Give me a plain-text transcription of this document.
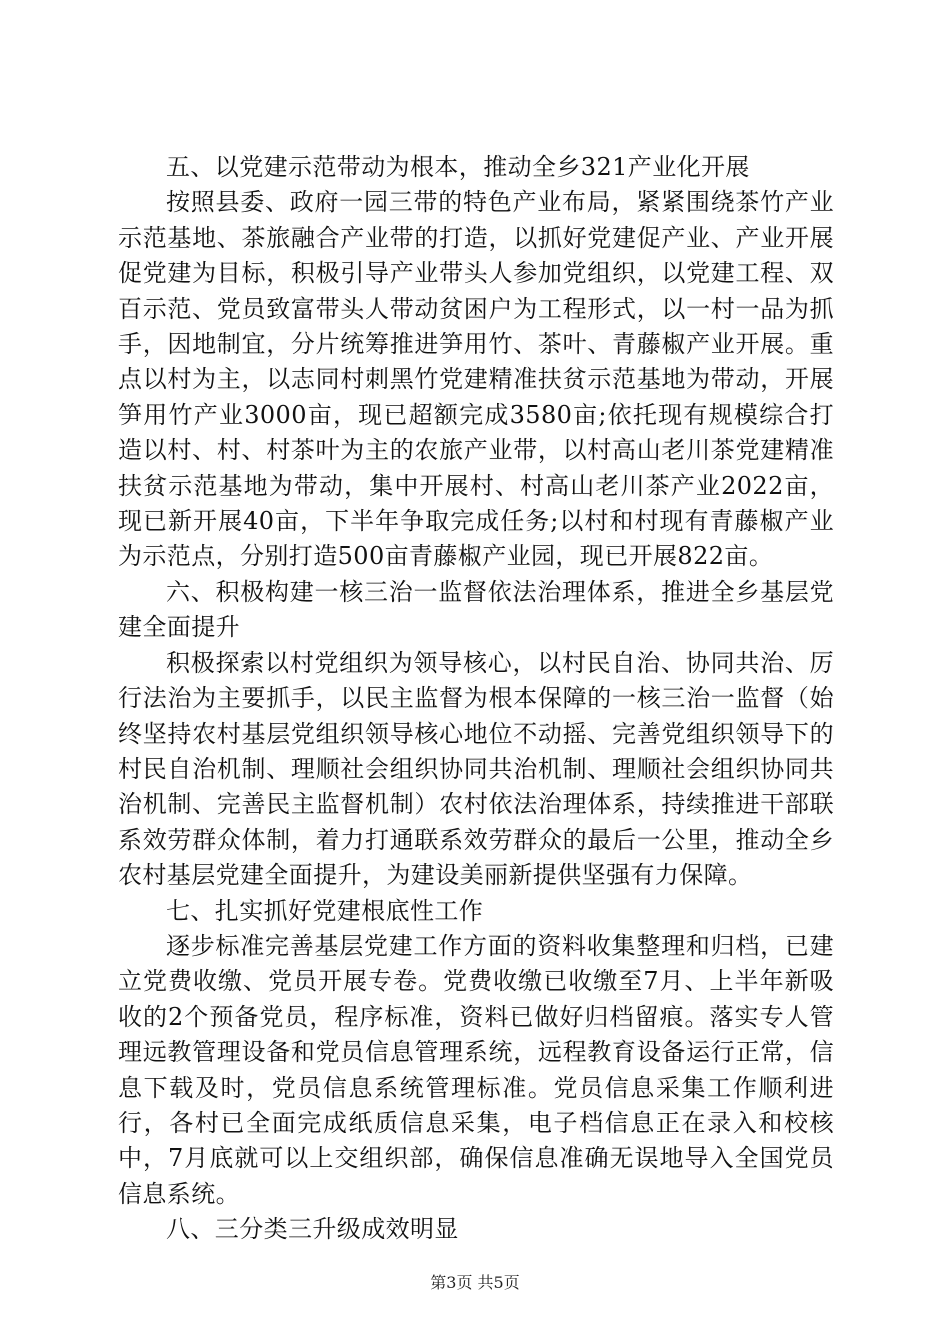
五、以党建示范带动为根本，推动全乡321产业化开展

按照县委、政府一园三带的特色产业布局，紧紧围绕茶竹产业示范基地、茶旅融合产业带的打造，以抓好党建促产业、产业开展促党建为目标，积极引导产业带头人参加党组织，以党建工程、双百示范、党员致富带头人带动贫困户为工程形式，以一村一品为抓手，因地制宜，分片统筹推进笋用竹、茶叶、青藤椒产业开展。重点以村为主，以志同村刺黑竹党建精准扶贫示范基地为带动，开展笋用竹产业3000亩，现已超额完成3580亩;依托现有规模综合打造以村、村、村茶叶为主的农旅产业带，以村高山老川茶党建精准扶贫示范基地为带动，集中开展村、村高山老川茶产业2022亩，现已新开展40亩，下半年争取完成任务;以村和村现有青藤椒产业为示范点，分别打造500亩青藤椒产业园，现已开展822亩。

六、积极构建一核三治一监督依法治理体系，推进全乡基层党建全面提升

积极探索以村党组织为领导核心，以村民自治、协同共治、厉行法治为主要抓手，以民主监督为根本保障的一核三治一监督（始终坚持农村基层党组织领导核心地位不动摇、完善党组织领导下的村民自治机制、理顺社会组织协同共治机制、理顺社会组织协同共治机制、完善民主监督机制）农村依法治理体系，持续推进干部联系效劳群众体制，着力打通联系效劳群众的最后一公里，推动全乡农村基层党建全面提升，为建设美丽新提供坚强有力保障。

七、扎实抓好党建根底性工作

逐步标准完善基层党建工作方面的资料收集整理和归档，已建立党费收缴、党员开展专卷。党费收缴已收缴至7月、上半年新吸收的2个预备党员，程序标准，资料已做好归档留痕。落实专人管理远教管理设备和党员信息管理系统，远程教育设备运行正常，信息下载及时，党员信息系统管理标准。党员信息采集工作顺利进行，各村已全面完成纸质信息采集，电子档信息正在录入和校核中，7月底就可以上交组织部，确保信息准确无误地导入全国党员信息系统。

八、三分类三升级成效明显

第3页 共5页
